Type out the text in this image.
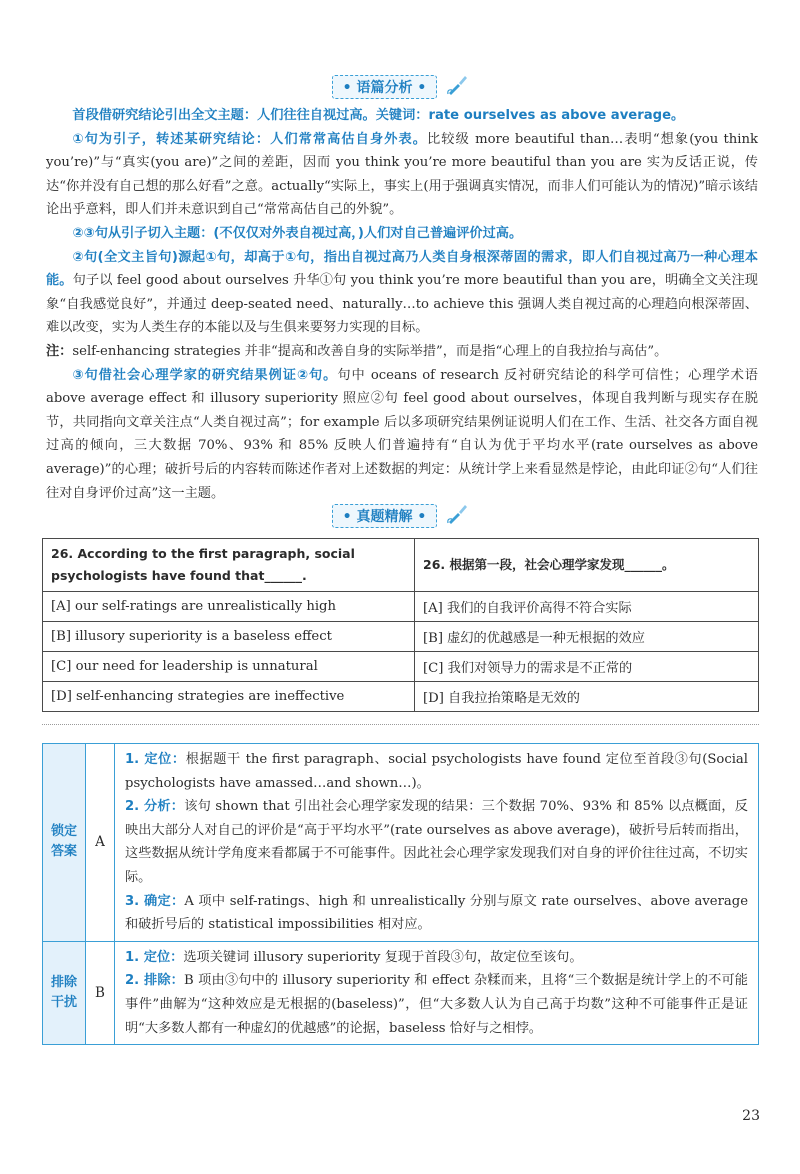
• 语篇分析 •

首段借研究结论引出全文主题：人们往往自视过高。关键词：rate ourselves as above average。

①句为引子，转述某研究结论：人们常常高估自身外表。比较级 more beautiful than…表明“想象(you think you’re)”与“真实(you are)”之间的差距，因而 you think you’re more beautiful than you are 实为反话正说，传达“你并没有自己想的那么好看”之意。actually“实际上，事实上(用于强调真实情况，而非人们可能认为的情况)”暗示该结论出乎意料，即人们并未意识到自己“常常高估自己的外貌”。

②③句从引子切入主题：(不仅仅对外表自视过高，)人们对自己普遍评价过高。

②句(全文主旨句)源起①句，却高于①句，指出自视过高乃人类自身根深蒂固的需求，即人们自视过高乃一种心理本能。句子以 feel good about ourselves 升华①句 you think you’re more beautiful than you are，明确全文关注现象“自我感觉良好”，并通过 deep-seated need、naturally…to achieve this 强调人类自视过高的心理趋向根深蒂固、难以改变，实为人类生存的本能以及与生俱来要努力实现的目标。

注：self-enhancing strategies 并非“提高和改善自身的实际举措”，而是指“心理上的自我拉抬与高估”。

③句借社会心理学家的研究结果例证②句。句中 oceans of research 反衬研究结论的科学可信性；心理学术语 above average effect 和 illusory superiority 照应②句 feel good about ourselves，体现自我判断与现实存在脱节，共同指向文章关注点“人类自视过高”；for example 后以多项研究结果例证说明人们在工作、生活、社交各方面自视过高的倾向，三大数据 70%、93% 和 85% 反映人们普遍持有“自认为优于平均水平(rate ourselves as above average)”的心理；破折号后的内容转而陈述作者对上述数据的判定：从统计学上来看显然是悖论，由此印证②句“人们往往对自身评价过高”这一主题。

• 真题精解 •
26. According to the first paragraph, social psychologists have found that______.	26. 根据第一段，社会心理学家发现______。
[A] our self-ratings are unrealistically high	[A] 我们的自我评价高得不符合实际
[B] illusory superiority is a baseless effect	[B] 虚幻的优越感是一种无根据的效应
[C] our need for leadership is unnatural	[C] 我们对领导力的需求是不正常的
[D] self-enhancing strategies are ineffective	[D] 自我拉抬策略是无效的
锁定答案	A	1. 定位：根据题干 the first paragraph、social psychologists have found 定位至首段③句(Social psychologists have amassed…and shown…)。

2. 分析：该句 shown that 引出社会心理学家发现的结果：三个数据 70%、93% 和 85% 以点概面，反映出大部分人对自己的评价是“高于平均水平”(rate ourselves as above average)，破折号后转而指出，这些数据从统计学角度来看都属于不可能事件。因此社会心理学家发现我们对自身的评价往往过高，不切实际。

3. 确定：A 项中 self-ratings、high 和 unrealistically 分别与原文 rate ourselves、above average 和破折号后的 statistical impossibilities 相对应。

排除干扰	B	1. 定位：选项关键词 illusory superiority 复现于首段③句，故定位至该句。

2. 排除：B 项由③句中的 illusory superiority 和 effect 杂糅而来，且将“三个数据是统计学上的不可能事件”曲解为“这种效应是无根据的(baseless)”，但“大多数人认为自己高于均数”这种不可能事件正是证明“大多数人都有一种虚幻的优越感”的论据，baseless 恰好与之相悖。

23
